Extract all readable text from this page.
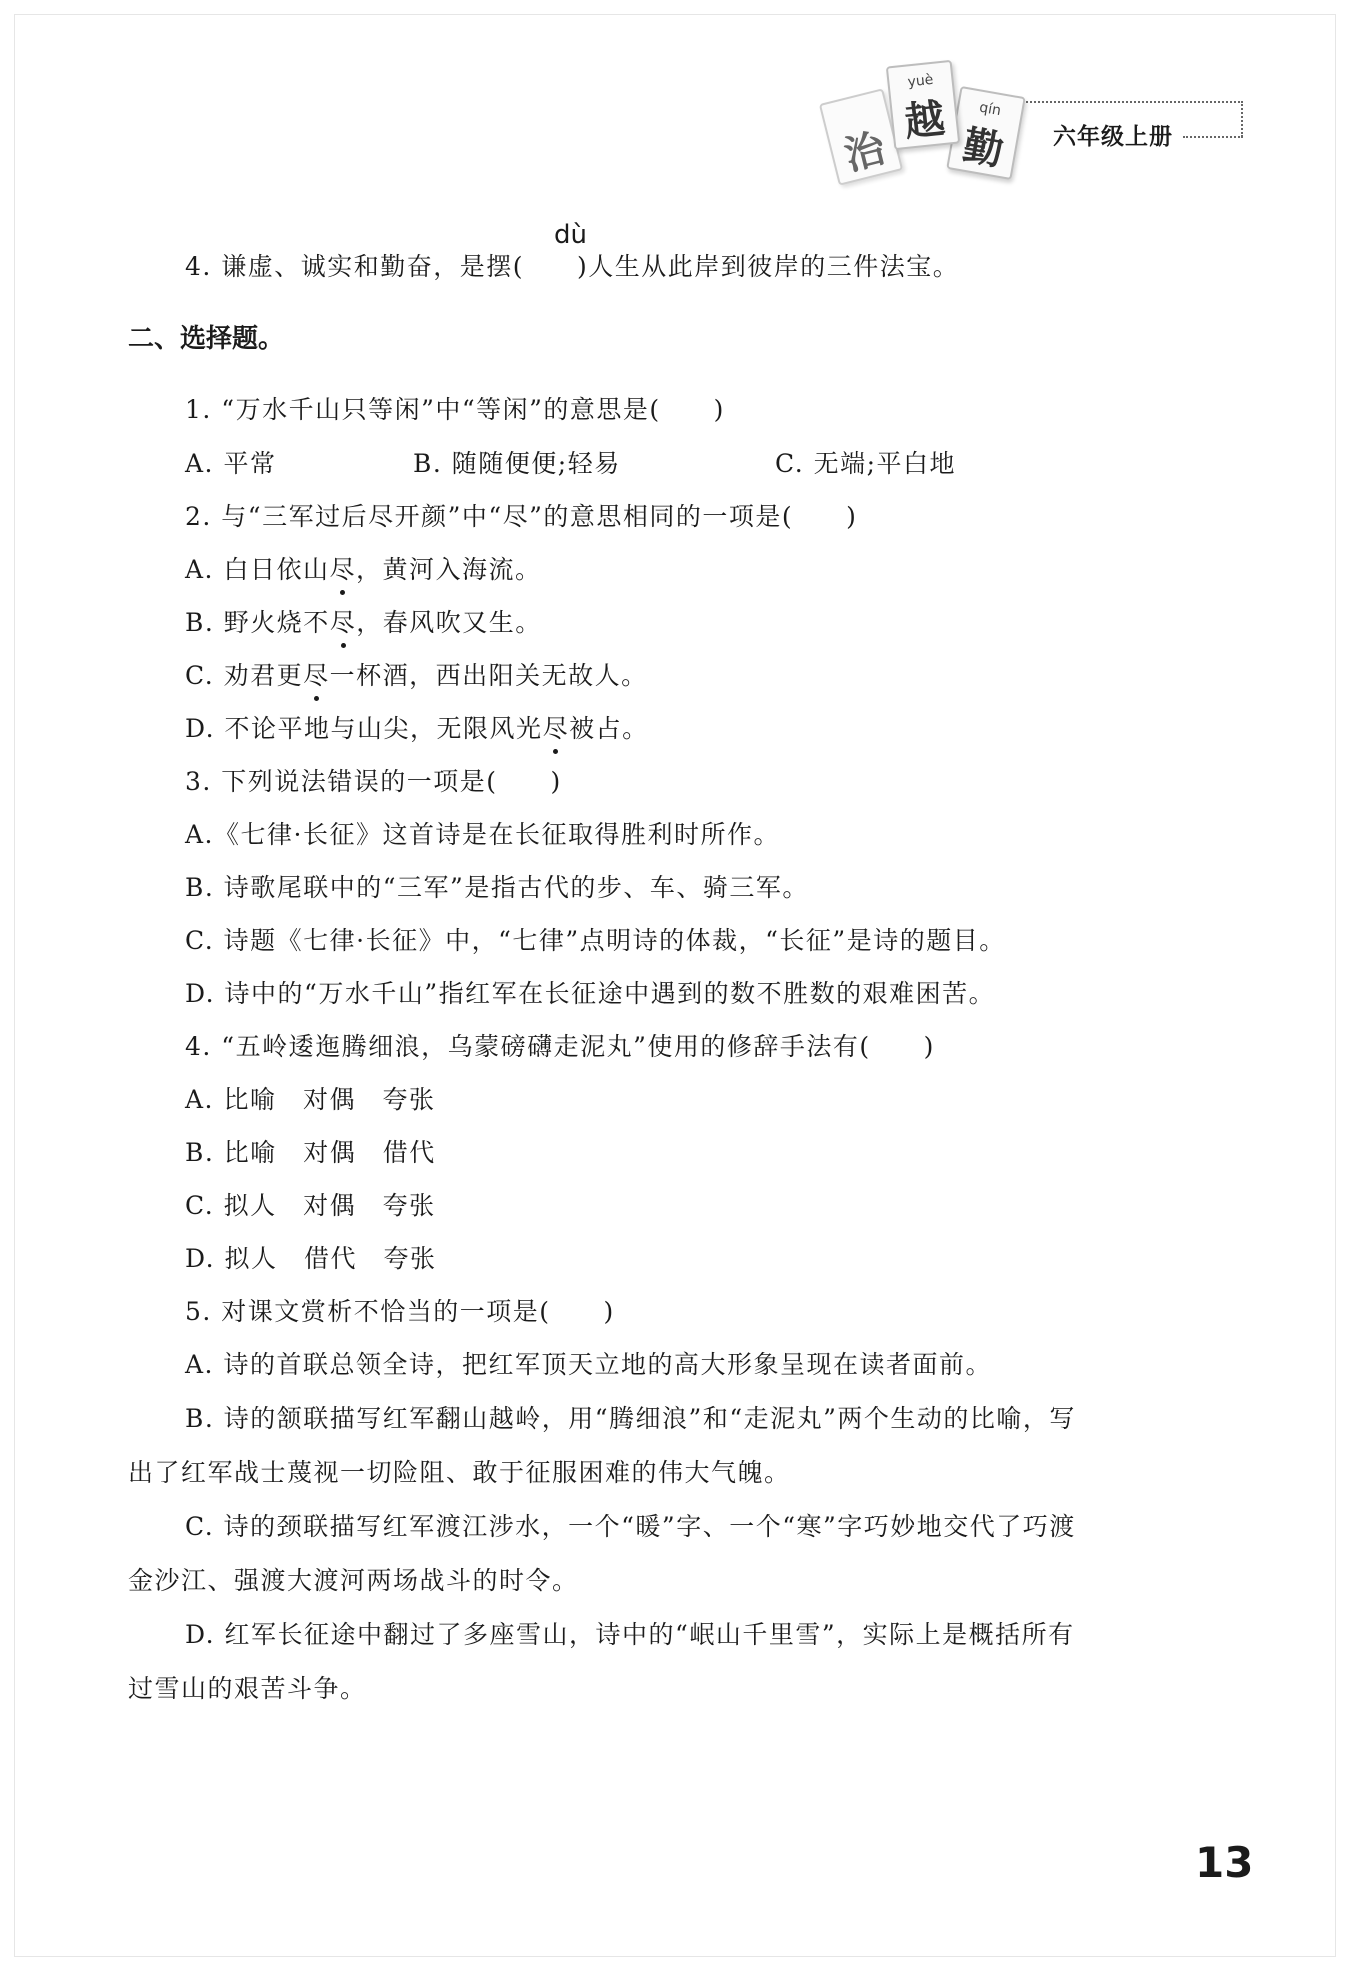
治
yuè
越	qín
勤	六年级上册
dù
4. 谦虚、诚实和勤奋，是摆(　　)人生从此岸到彼岸的三件法宝。
二、选择题。
1. “万水千山只等闲”中“等闲”的意思是(　　)
A. 平常	B. 随随便便;轻易	C. 无端;平白地
2. 与“三军过后尽开颜”中“尽”的意思相同的一项是(　　)
A. 白日依山尽，黄河入海流。
B. 野火烧不尽，春风吹又生。
C. 劝君更尽一杯酒，西出阳关无故人。
D. 不论平地与山尖，无限风光尽被占。
3. 下列说法错误的一项是(　　)
A.《七律·长征》这首诗是在长征取得胜利时所作。
B. 诗歌尾联中的“三军”是指古代的步、车、骑三军。
C. 诗题《七律·长征》中，“七律”点明诗的体裁，“长征”是诗的题目。
D. 诗中的“万水千山”指红军在长征途中遇到的数不胜数的艰难困苦。
4. “五岭逶迤腾细浪，乌蒙磅礴走泥丸”使用的修辞手法有(　　)
A. 比喻　对偶　夸张
B. 比喻　对偶　借代
C. 拟人　对偶　夸张
D. 拟人　借代　夸张
5. 对课文赏析不恰当的一项是(　　)
A. 诗的首联总领全诗，把红军顶天立地的高大形象呈现在读者面前。
B. 诗的颔联描写红军翻山越岭，用“腾细浪”和“走泥丸”两个生动的比喻，写
出了红军战士蔑视一切险阻、敢于征服困难的伟大气魄。
C. 诗的颈联描写红军渡江涉水，一个“暖”字、一个“寒”字巧妙地交代了巧渡
金沙江、强渡大渡河两场战斗的时令。
D. 红军长征途中翻过了多座雪山，诗中的“岷山千里雪”，实际上是概括所有
过雪山的艰苦斗争。
13
